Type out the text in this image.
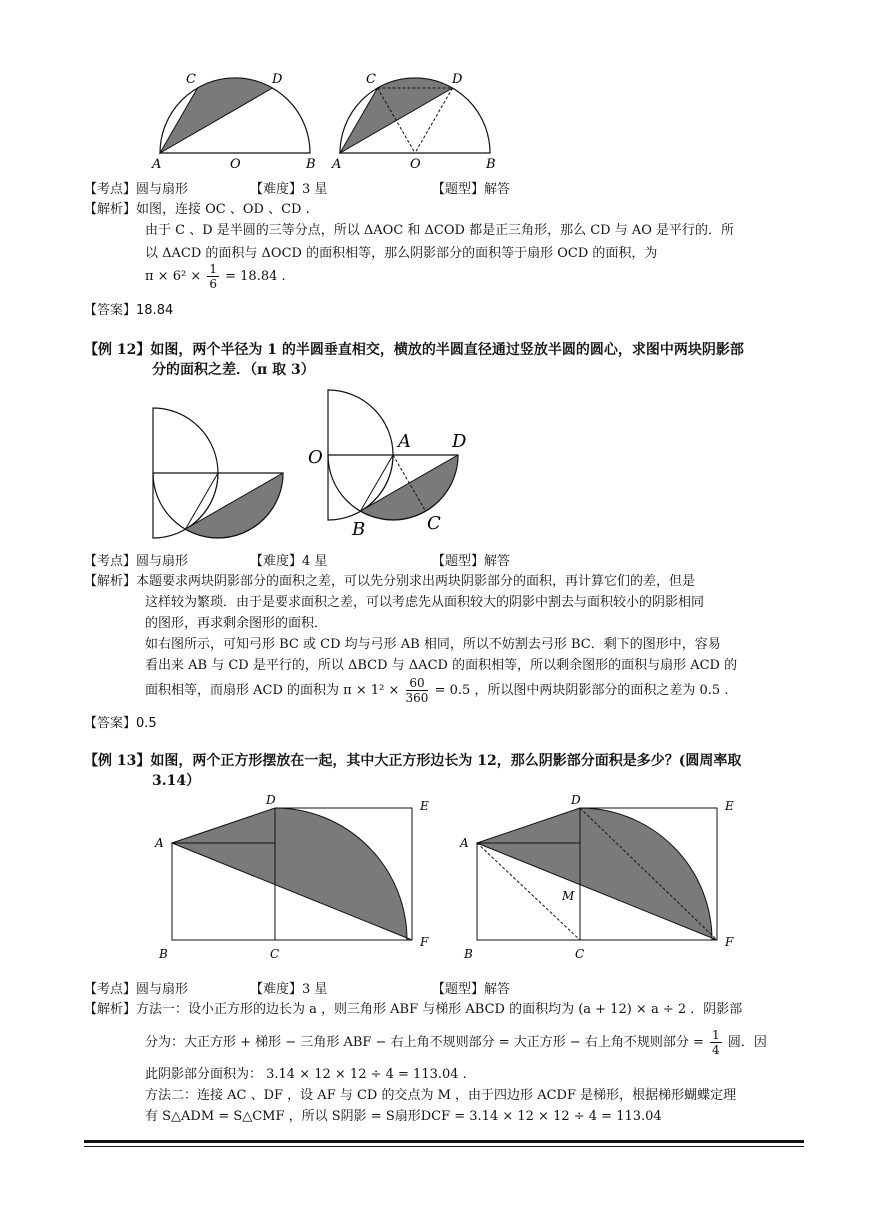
C	D
A	O	B
C	D
A	O	B
【考点】圆与扇形	【难度】3 星	【题型】解答
【解析】如图，连接 OC 、OD 、CD .
由于 C 、D 是半圆的三等分点，所以 ΔAOC 和 ΔCOD 都是正三角形，那么 CD 与 AO 是平行的．所
以 ΔACD 的面积与 ΔOCD 的面积相等，那么阴影部分的面积等于扇形 OCD 的面积，为
$\pi \times 6^2 \times \frac{1}{6} = 18.84$ .
【答案】18.84
【例 12】如图，两个半径为 1 的半圆垂直相交，横放的半圆直径通过竖放半圆的圆心，求图中两块阴影部
分的面积之差．（π 取 3）
O
A D
B	C
【考点】圆与扇形	【难度】4 星	【题型】解答
【解析】本题要求两块阴影部分的面积之差，可以先分别求出两块阴影部分的面积，再计算它们的差，但是
这样较为繁琐．由于是要求面积之差，可以考虑先从面积较大的阴影中割去与面积较小的阴影相同
的图形，再求剩余图形的面积．
如右图所示，可知弓形 BC 或 CD 均与弓形 AB 相同，所以不妨割去弓形 BC．剩下的图形中，容易
看出来 AB 与 CD 是平行的，所以 ΔBCD 与 ΔACD 的面积相等，所以剩余图形的面积与扇形 ACD 的
面积相等，而扇形 ACD 的面积为 $\pi \times 1^2 \times \frac{60}{360} = 0.5$ ，所以图中两块阴影部分的面积之差为 0.5 .
【答案】0.5
【例 13】如图，两个正方形摆放在一起，其中大正方形边长为 12，那么阴影部分面积是多少？(圆周率取
3.14）
A
B	C
D	E
F
A
B	C
D	E
F
M
【考点】圆与扇形	【难度】3 星	【题型】解答
【解析】方法一：设小正方形的边长为 a ，则三角形 ABF 与梯形 ABCD 的面积均为 (a + 12) × a ÷ 2 ．阴影部
分为：大正方形 + 梯形 − 三角形 ABF − 右上角不规则部分 = 大正方形 − 右上角不规则部分 = $\frac{1}{4}$ 圆．因
此阴影部分面积为： 3.14 × 12 × 12 ÷ 4 = 113.04 .
方法二：连接 AC 、DF ，设 AF 与 CD 的交点为 M ，由于四边形 ACDF 是梯形，根据梯形蝴蝶定理
有 S△ADM = S△CMF ，所以 S阴影 = S扇形DCF = 3.14 × 12 × 12 ÷ 4 = 113.04
